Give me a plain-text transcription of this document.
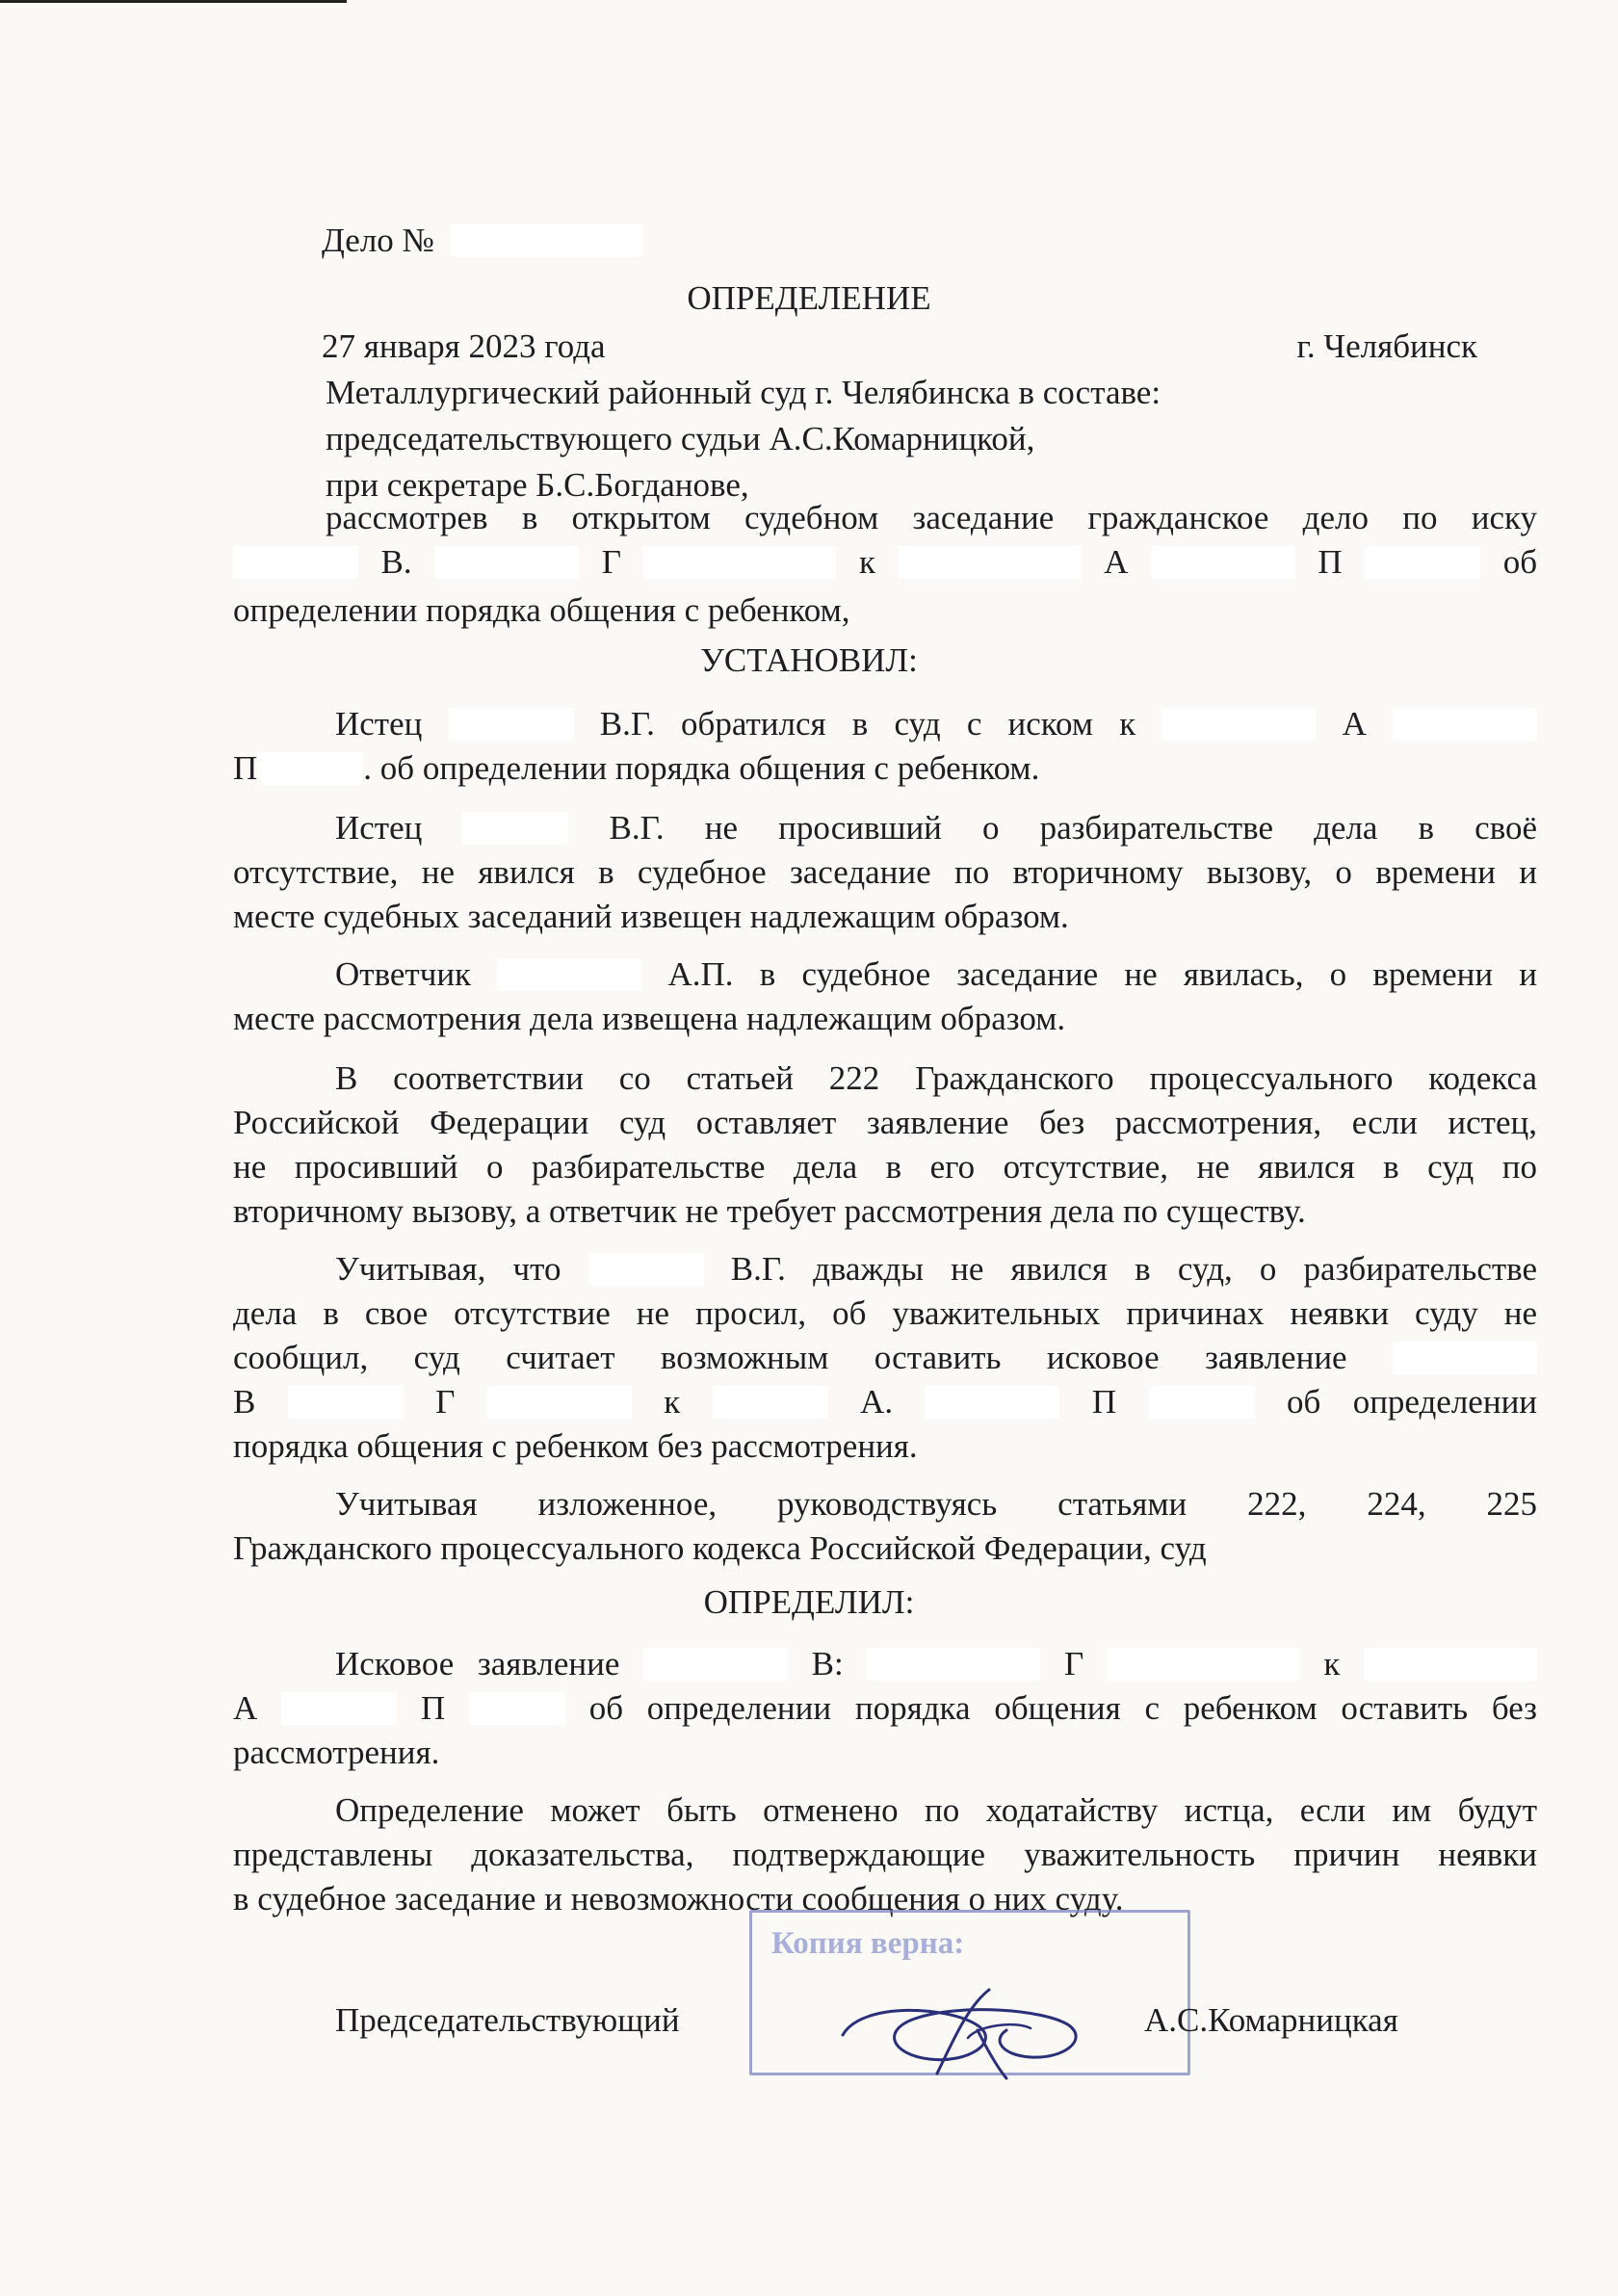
Дело №
ОПРЕДЕЛЕНИЕ
27 января 2023 года	г. Челябинск
Металлургический районный суд г. Челябинска в составе:
председательствующего судьи А.С.Комарницкой,
при секретаре Б.С.Богданове,
рассмотрев в открытом судебном заседание гражданское дело по иску
В.	Г	к	А	П	об
определении порядка общения с ребенком,
УСТАНОВИЛ:
Истец	В.Г. обратился в суд с иском к	А
П	. об определении порядка общения с ребенком.
Истец	В.Г. не просивший о разбирательстве дела в своё
отсутствие, не явился в судебное заседание по вторичному вызову, о времени и
месте судебных заседаний извещен надлежащим образом.
Ответчик	А.П. в судебное заседание не явилась, о времени и
месте рассмотрения дела извещена надлежащим образом.
В соответствии со статьей 222 Гражданского процессуального кодекса
Российской Федерации суд оставляет заявление без рассмотрения, если истец,
не просивший о разбирательстве дела в его отсутствие, не явился в суд по
вторичному вызову, а ответчик не требует рассмотрения дела по существу.
Учитывая, что	В.Г. дважды не явился в суд, о разбирательстве
дела в свое отсутствие не просил, об уважительных причинах неявки суду не
сообщил, суд считает возможным оставить исковое заявление
В	Г	к	А.	П	об определении
порядка общения с ребенком без рассмотрения.
Учитывая изложенное, руководствуясь статьями 222, 224, 225
Гражданского процессуального кодекса Российской Федерации, суд
ОПРЕДЕЛИЛ:
Исковое заявление	В:	Г	к
А	П	об определении порядка общения с ребенком оставить без
рассмотрения.
Определение может быть отменено по ходатайству истца, если им будут
представлены доказательства, подтверждающие уважительность причин неявки
в судебное заседание и невозможности сообщения о них суду.
Копия верна:
Председательствующий	А.С.Комарницкая
